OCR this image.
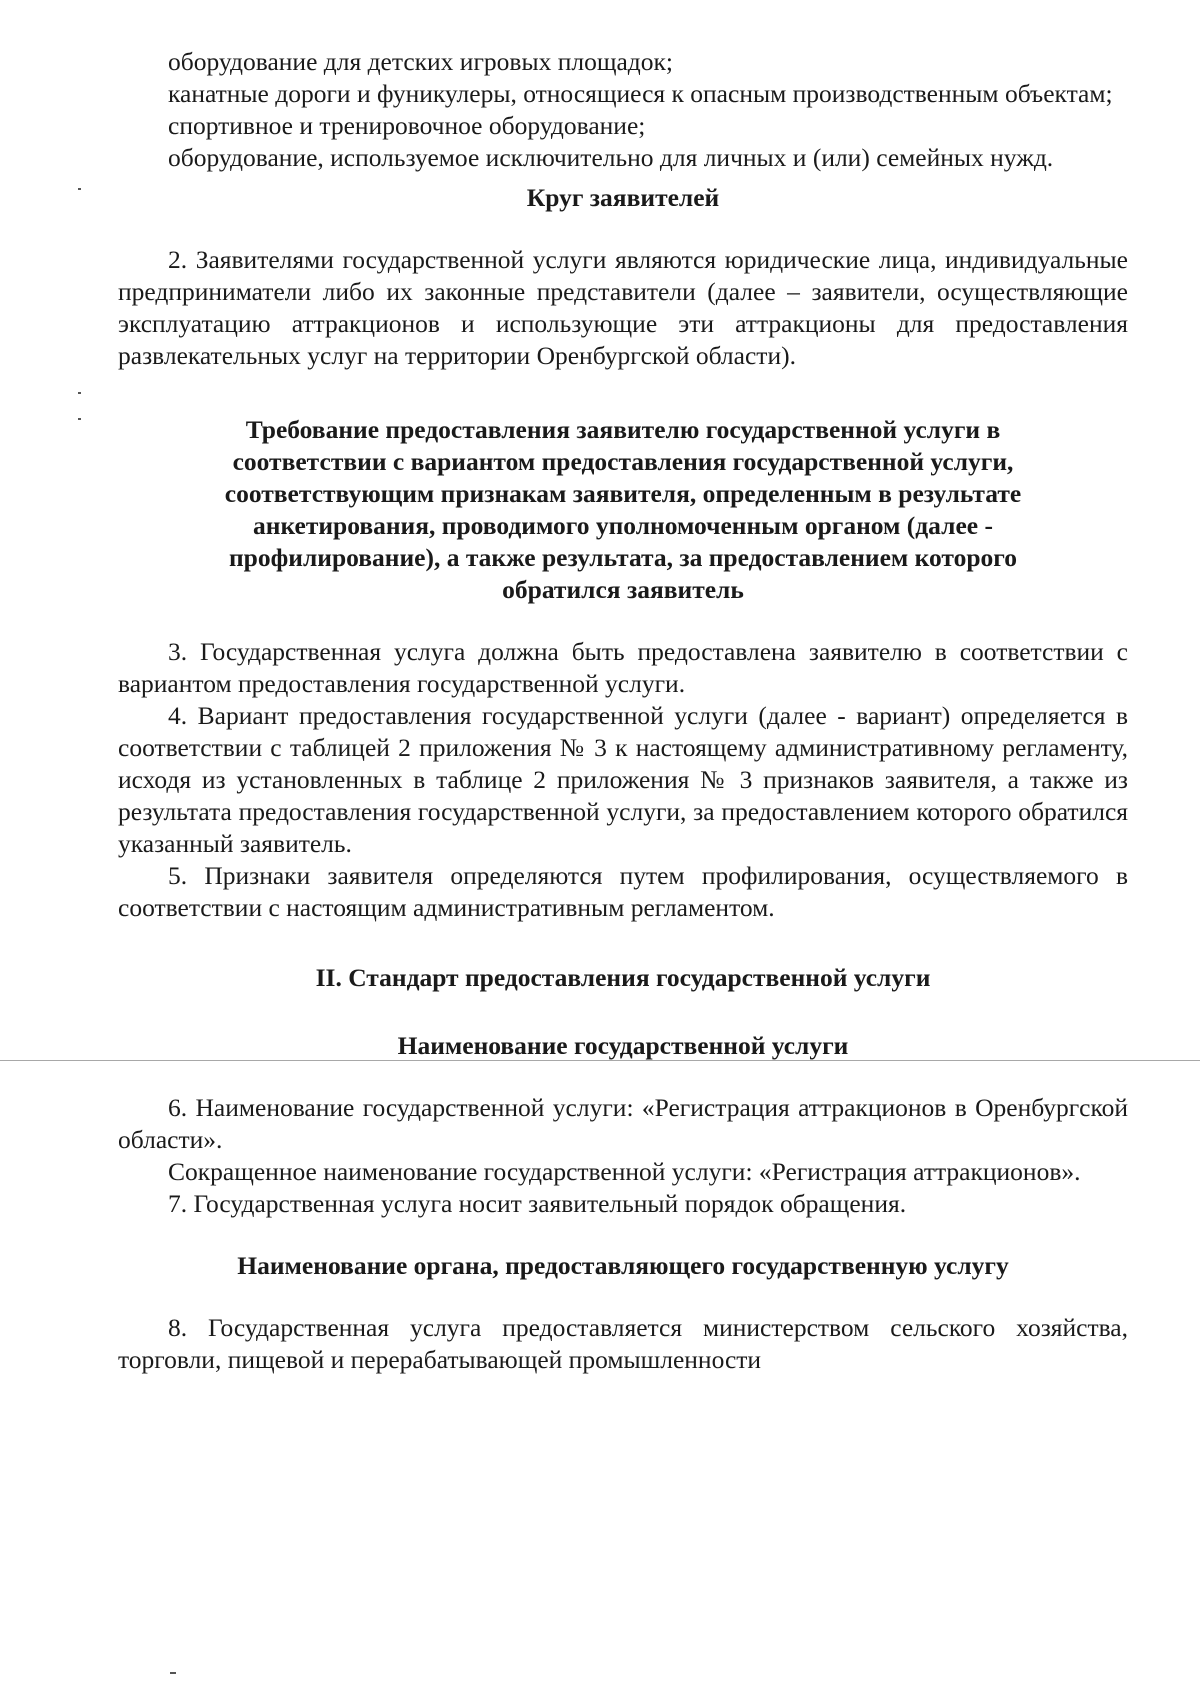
оборудование для детских игровых площадок;

канатные дороги и фуникулеры, относящиеся к опасным производственным объектам;

спортивное и тренировочное оборудование;

оборудование, используемое исключительно для личных и (или) семейных нужд.

Круг заявителей

2. Заявителями государственной услуги являются юридические лица, индивидуальные предприниматели либо их законные представители (далее – заявители, осуществляющие эксплуатацию аттракционов и использующие эти аттракционы для предоставления развлекательных услуг на территории Оренбургской области).

Требование предоставления заявителю государственной услуги в соответствии с вариантом предоставления государственной услуги, соответствующим признакам заявителя, определенным в результате анкетирования, проводимого уполномоченным органом (далее - профилирование), а также результата, за предоставлением которого обратился заявитель

3. Государственная услуга должна быть предоставлена заявителю в соответствии с вариантом предоставления государственной услуги.

4. Вариант предоставления государственной услуги (далее - вариант) определяется в соответствии с таблицей 2 приложения № 3 к настоящему административному регламенту, исходя из установленных в таблице 2 приложения № 3 признаков заявителя, а также из результата предоставления государственной услуги, за предоставлением которого обратился указанный заявитель.

5. Признаки заявителя определяются путем профилирования, осуществляемого в соответствии с настоящим административным регламентом.

II. Стандарт предоставления государственной услуги

Наименование государственной услуги

6. Наименование государственной услуги: «Регистрация аттракционов в Оренбургской области».

Сокращенное наименование государственной услуги: «Регистрация аттракционов».

7. Государственная услуга носит заявительный порядок обращения.

Наименование органа, предоставляющего государственную услугу

8. Государственная услуга предоставляется министерством сельского хозяйства, торговли, пищевой и перерабатывающей промышленности
